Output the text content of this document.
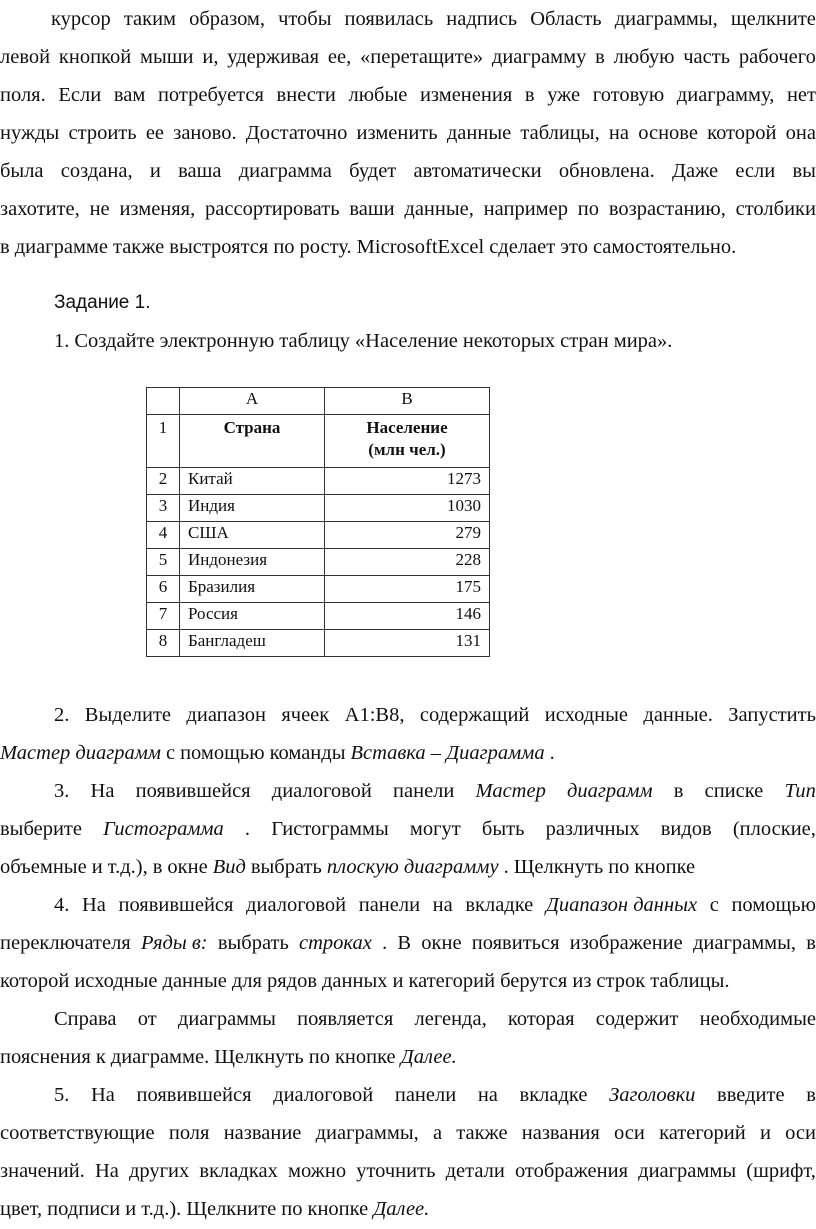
курсор таким образом, чтобы появилась надпись Область диаграммы, щелкните
левой кнопкой мыши и, удерживая ее, «перетащите» диаграмму в любую часть рабочего
поля. Если вам потребуется внести любые изменения в уже готовую диаграмму, нет
нужды строить ее заново. Достаточно изменить данные таблицы, на основе которой она
была создана, и ваша диаграмма будет автоматически обновлена. Даже если вы
захотите, не изменяя, рассортировать ваши данные, например по возрастанию, столбики
в диаграмме также выстроятся по росту. MicrosoftExcel сделает это самостоятельно.
Задание 1.
1. Создайте электронную таблицу «Население некоторых стран мира».
2. Выделите диапазон ячеек A1:B8, содержащий исходные данные. Запустить
Мастер диаграмм с помощью команды Вставка – Диаграмма .
3. На появившейся диалоговой панели Мастер диаграмм в списке Тип
выберите Гистограмма . Гистограммы могут быть различных видов (плоские,
объемные и т.д.), в окне Вид выбрать плоскую диаграмму . Щелкнуть по кнопке
4. На появившейся диалоговой панели на вкладке Диапазон данных с помощью
переключателя Ряды в: выбрать строках . В окне появиться изображение диаграммы, в
которой исходные данные для рядов данных и категорий берутся из строк таблицы.
Справа от диаграммы появляется легенда, которая содержит необходимые
пояснения к диаграмме. Щелкнуть по кнопке Далее.
5. На появившейся диалоговой панели на вкладке Заголовки введите в
соответствующие поля название диаграммы, а также названия оси категорий и оси
значений. На других вкладках можно уточнить детали отображения диаграммы (шрифт,
цвет, подписи и т.д.). Щелкните по кнопке Далее.
	A	B
1	Страна	Население
(млн чел.)
2	Китай	1273
3	Индия	1030
4	США	279
5	Индонезия	228
6	Бразилия	175
7	Россия	146
8	Бангладеш	131
